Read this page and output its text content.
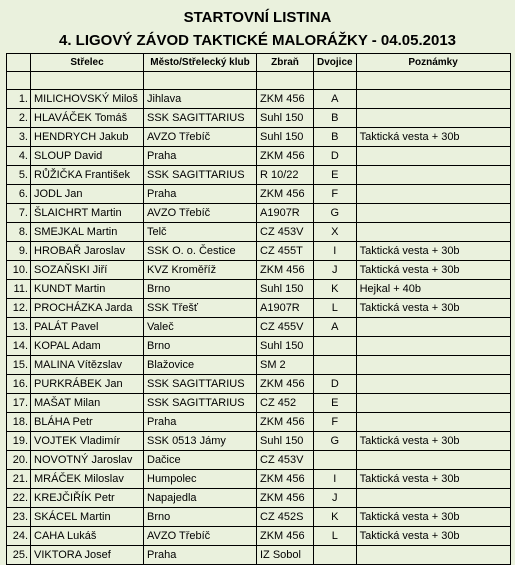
STARTOVNÍ LISTINA
4. LIGOVÝ ZÁVOD TAKTICKÉ MALORÁŽKY - 04.05.2013
	Střelec	Město/Střelecký klub	Zbraň	Dvojice	Poznámky

1.	MILICHOVSKÝ Miloš	Jihlava	ZKM 456	A	
2.	HLAVÁČEK Tomáš	SSK SAGITTARIUS	Suhl 150	B	
3.	HENDRYCH Jakub	AVZO Třebíč	Suhl 150	B	Taktická vesta + 30b
4.	SLOUP David	Praha	ZKM 456	D	
5.	RŮŽIČKA František	SSK SAGITTARIUS	R 10/22	E	
6.	JODL Jan	Praha	ZKM 456	F	
7.	ŠLAICHRT Martin	AVZO Třebíč	A1907R	G	
8.	SMEJKAL Martin	Telč	CZ 453V	X	
9.	HROBAŘ Jaroslav	SSK O. o. Čestice	CZ 455T	I	Taktická vesta + 30b
10.	SOZAŇSKI Jiří	KVZ Kroměříž	ZKM 456	J	Taktická vesta + 30b
11.	KUNDT Martin	Brno	Suhl 150	K	Hejkal + 40b
12.	PROCHÁZKA Jarda	SSK Třešť	A1907R	L	Taktická vesta + 30b
13.	PALÁT Pavel	Valeč	CZ 455V	A	
14.	KOPAL Adam	Brno	Suhl 150		
15.	MALINA Vítězslav	Blažovice	SM 2		
16.	PURKRÁBEK Jan	SSK SAGITTARIUS	ZKM 456	D	
17.	MAŠAT Milan	SSK SAGITTARIUS	CZ 452	E	
18.	BLÁHA Petr	Praha	ZKM 456	F	
19.	VOJTEK Vladimír	SSK 0513 Jámy	Suhl 150	G	Taktická vesta + 30b
20.	NOVOTNÝ Jaroslav	Dačice	CZ 453V		
21.	MRÁČEK Miloslav	Humpolec	ZKM 456	I	Taktická vesta + 30b
22.	KREJČIŘÍK Petr	Napajedla	ZKM 456	J	
23.	SKÁCEL Martin	Brno	CZ 452S	K	Taktická vesta + 30b
24.	CAHA Lukáš	AVZO Třebíč	ZKM 456	L	Taktická vesta + 30b
25.	VIKTORA Josef	Praha	IZ Sobol		
